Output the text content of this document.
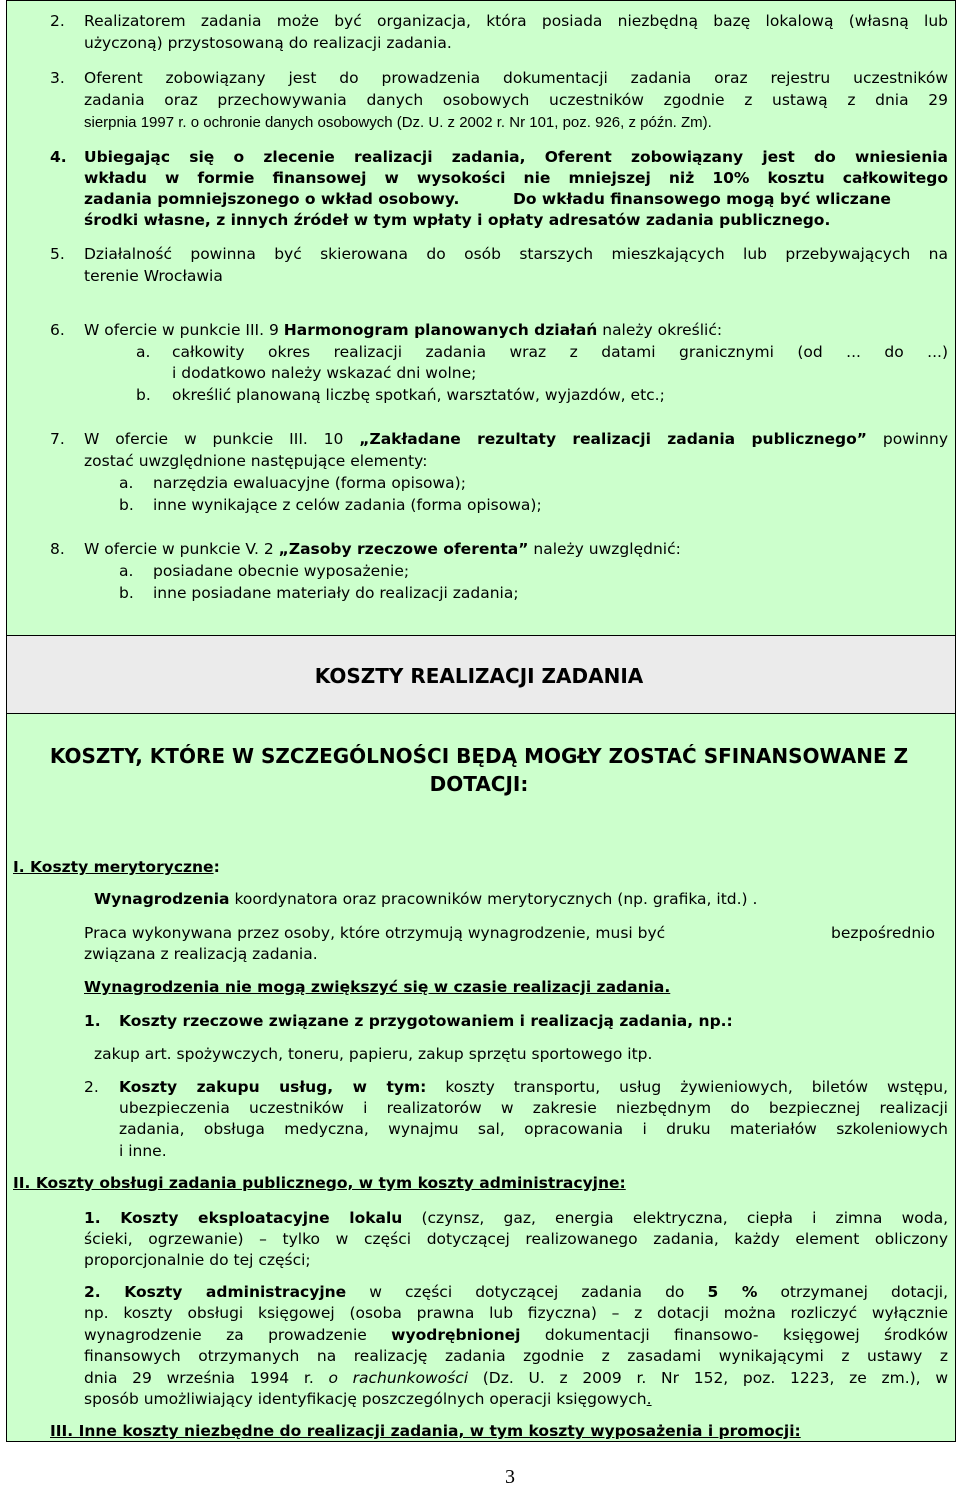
2. Realizatorem zadania może być organizacja, która posiada niezbędną bazę lokalową (własną lub
użyczoną) przystosowaną do realizacji zadania.
3. Oferent zobowiązany jest do prowadzenia dokumentacji zadania oraz rejestru uczestników
zadania oraz przechowywania danych osobowych uczestników zgodnie z ustawą z dnia 29
sierpnia 1997 r. o ochronie danych osobowych (Dz. U. z 2002 r. Nr 101, poz. 926, z późn. Zm).
4. Ubiegając się o zlecenie realizacji zadania, Oferent zobowiązany jest do wniesienia
wkładu w formie finansowej w wysokości nie mniejszej niż 10% kosztu całkowitego
zadania pomniejszonego o wkład osobowy.	Do wkładu finansowego mogą być wliczane
środki własne, z innych źródeł w tym wpłaty i opłaty adresatów zadania publicznego.
5. Działalność powinna być skierowana do osób starszych mieszkających lub przebywających na
terenie Wrocławia
6. W ofercie w punkcie III. 9 Harmonogram planowanych działań należy określić:
a. całkowity okres realizacji zadania wraz z datami granicznymi (od ... do ...)
i dodatkowo należy wskazać dni wolne;
b. określić planowaną liczbę spotkań, warsztatów, wyjazdów, etc.;
7. W ofercie w punkcie III. 10 „Zakładane rezultaty realizacji zadania publicznego” powinny
zostać uwzględnione następujące elementy:
a. narzędzia ewaluacyjne (forma opisowa);
b. inne wynikające z celów zadania (forma opisowa);
8. W ofercie w punkcie V. 2 „Zasoby rzeczowe oferenta” należy uwzględnić:
a. posiadane obecnie wyposażenie;
b. inne posiadane materiały do realizacji zadania;
KOSZTY REALIZACJI ZADANIA
KOSZTY, KTÓRE W SZCZEGÓLNOŚCI BĘDĄ MOGŁY ZOSTAĆ SFINANSOWANE Z
DOTACJI:
I. Koszty merytoryczne:
Wynagrodzenia koordynatora oraz pracowników merytorycznych (np. grafika, itd.) .
Praca wykonywana przez osoby, które otrzymują wynagrodzenie, musi być	bezpośrednio
związana z realizacją zadania.
Wynagrodzenia nie mogą zwiększyć się w czasie realizacji zadania.
1. Koszty rzeczowe związane z przygotowaniem i realizacją zadania, np.:
zakup art. spożywczych, toneru, papieru, zakup sprzętu sportowego itp.
2. Koszty zakupu usług, w tym: koszty transportu, usług żywieniowych, biletów wstępu,
ubezpieczenia uczestników i realizatorów w zakresie niezbędnym do bezpiecznej realizacji
zadania, obsługa medyczna, wynajmu sal, opracowania i druku materiałów szkoleniowych
i inne.
II. Koszty obsługi zadania publicznego, w tym koszty administracyjne:
1. Koszty eksploatacyjne lokalu (czynsz, gaz, energia elektryczna, ciepła i zimna woda,
ścieki, ogrzewanie) – tylko w części dotyczącej realizowanego zadania, każdy element obliczony
proporcjonalnie do tej części;
2. Koszty administracyjne w części dotyczącej zadania do 5 % otrzymanej dotacji,
np. koszty obsługi księgowej (osoba prawna lub fizyczna) – z dotacji można rozliczyć wyłącznie
wynagrodzenie za prowadzenie wyodrębnionej dokumentacji finansowo- księgowej środków
finansowych otrzymanych na realizację zadania zgodnie z zasadami wynikającymi z ustawy z
dnia 29 września 1994 r. o rachunkowości (Dz. U. z 2009 r. Nr 152, poz. 1223, ze zm.), w
sposób umożliwiający identyfikację poszczególnych operacji księgowych.
III. Inne koszty niezbędne do realizacji zadania, w tym koszty wyposażenia i promocji:
3
